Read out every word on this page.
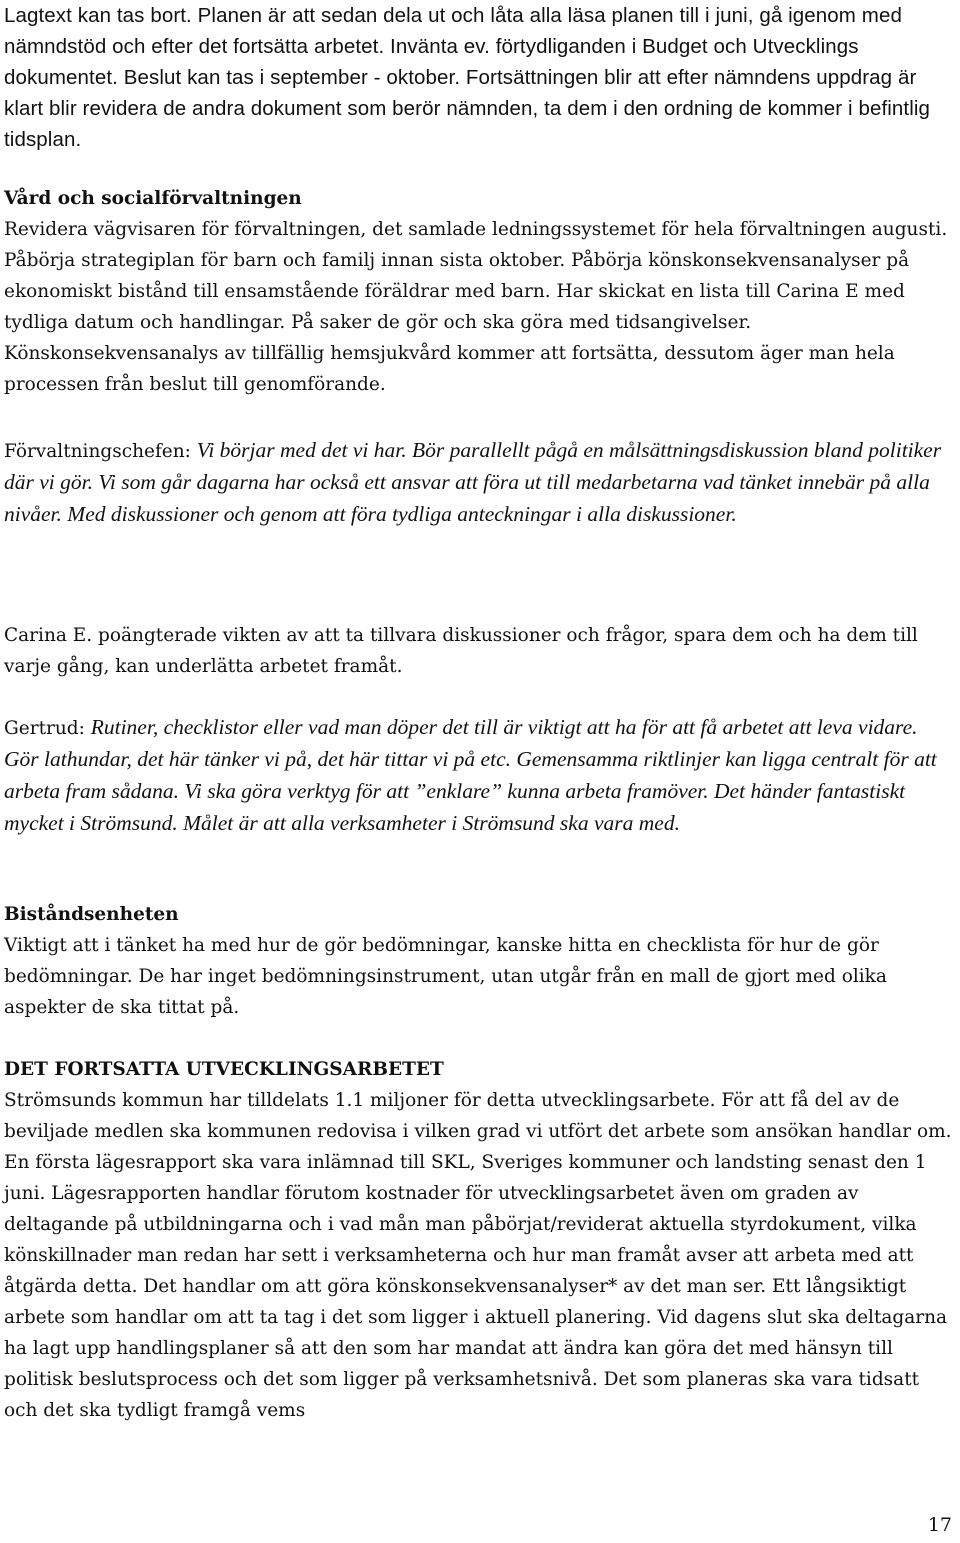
Lagtext kan tas bort. Planen är att sedan dela ut och låta alla läsa planen till i juni, gå igenom med nämndstöd och efter det fortsätta arbetet. Invänta ev. förtydliganden i Budget och Utvecklings dokumentet. Beslut kan tas i september - oktober. Fortsättningen blir att efter nämndens uppdrag är klart blir revidera de andra dokument som berör nämnden, ta dem i den ordning de kommer i befintlig tidsplan.

Vård och socialförvaltningen
Revidera vägvisaren för förvaltningen, det samlade ledningssystemet för hela förvaltningen augusti. Påbörja strategiplan för barn och familj innan sista oktober. Påbörja könskonsekvensanalyser på ekonomiskt bistånd till ensamstående föräldrar med barn. Har skickat en lista till Carina E med tydliga datum och handlingar. På saker de gör och ska göra med tidsangivelser. Könskonsekvensanalys av tillfällig hemsjukvård kommer att fortsätta, dessutom äger man hela processen från beslut till genomförande.

Förvaltningschefen: Vi börjar med det vi har. Bör parallellt pågå en målsättningsdiskussion bland politiker där vi gör. Vi som går dagarna har också ett ansvar att föra ut till medarbetarna vad tänket innebär på alla nivåer. Med diskussioner och genom att föra tydliga anteckningar i alla diskussioner.

Carina E. poängterade vikten av att ta tillvara diskussioner och frågor, spara dem och ha dem till varje gång, kan underlätta arbetet framåt.

Gertrud: Rutiner, checklistor eller vad man döper det till är viktigt att ha för att få arbetet att leva vidare. Gör lathundar, det här tänker vi på, det här tittar vi på etc. Gemensamma riktlinjer kan ligga centralt för att arbeta fram sådana. Vi ska göra verktyg för att ”enklare” kunna arbeta framöver. Det händer fantastiskt mycket i Strömsund. Målet är att alla verksamheter i Strömsund ska vara med.

Biståndsenheten
Viktigt att i tänket ha med hur de gör bedömningar, kanske hitta en checklista för hur de gör bedömningar. De har inget bedömningsinstrument, utan utgår från en mall de gjort med olika aspekter de ska tittat på.
DET FORTSATTA UTVECKLINGSARBETET
Strömsunds kommun har tilldelats 1.1 miljoner för detta utvecklingsarbete. För att få del av de beviljade medlen ska kommunen redovisa i vilken grad vi utfört det arbete som ansökan handlar om. En första lägesrapport ska vara inlämnad till SKL, Sveriges kommuner och landsting senast den 1 juni. Lägesrapporten handlar förutom kostnader för utvecklingsarbetet även om graden av deltagande på utbildningarna och i vad mån man påbörjat/reviderat aktuella styrdokument, vilka könskillnader man redan har sett i verksamheterna och hur man framåt avser att arbeta med att åtgärda detta. Det handlar om att göra könskonsekvensanalyser* av det man ser. Ett långsiktigt arbete som handlar om att ta tag i det som ligger i aktuell planering. Vid dagens slut ska deltagarna ha lagt upp handlingsplaner så att den som har mandat att ändra kan göra det med hänsyn till politisk beslutsprocess och det som ligger på verksamhetsnivå. Det som planeras ska vara tidsatt och det ska tydligt framgå vems
17
